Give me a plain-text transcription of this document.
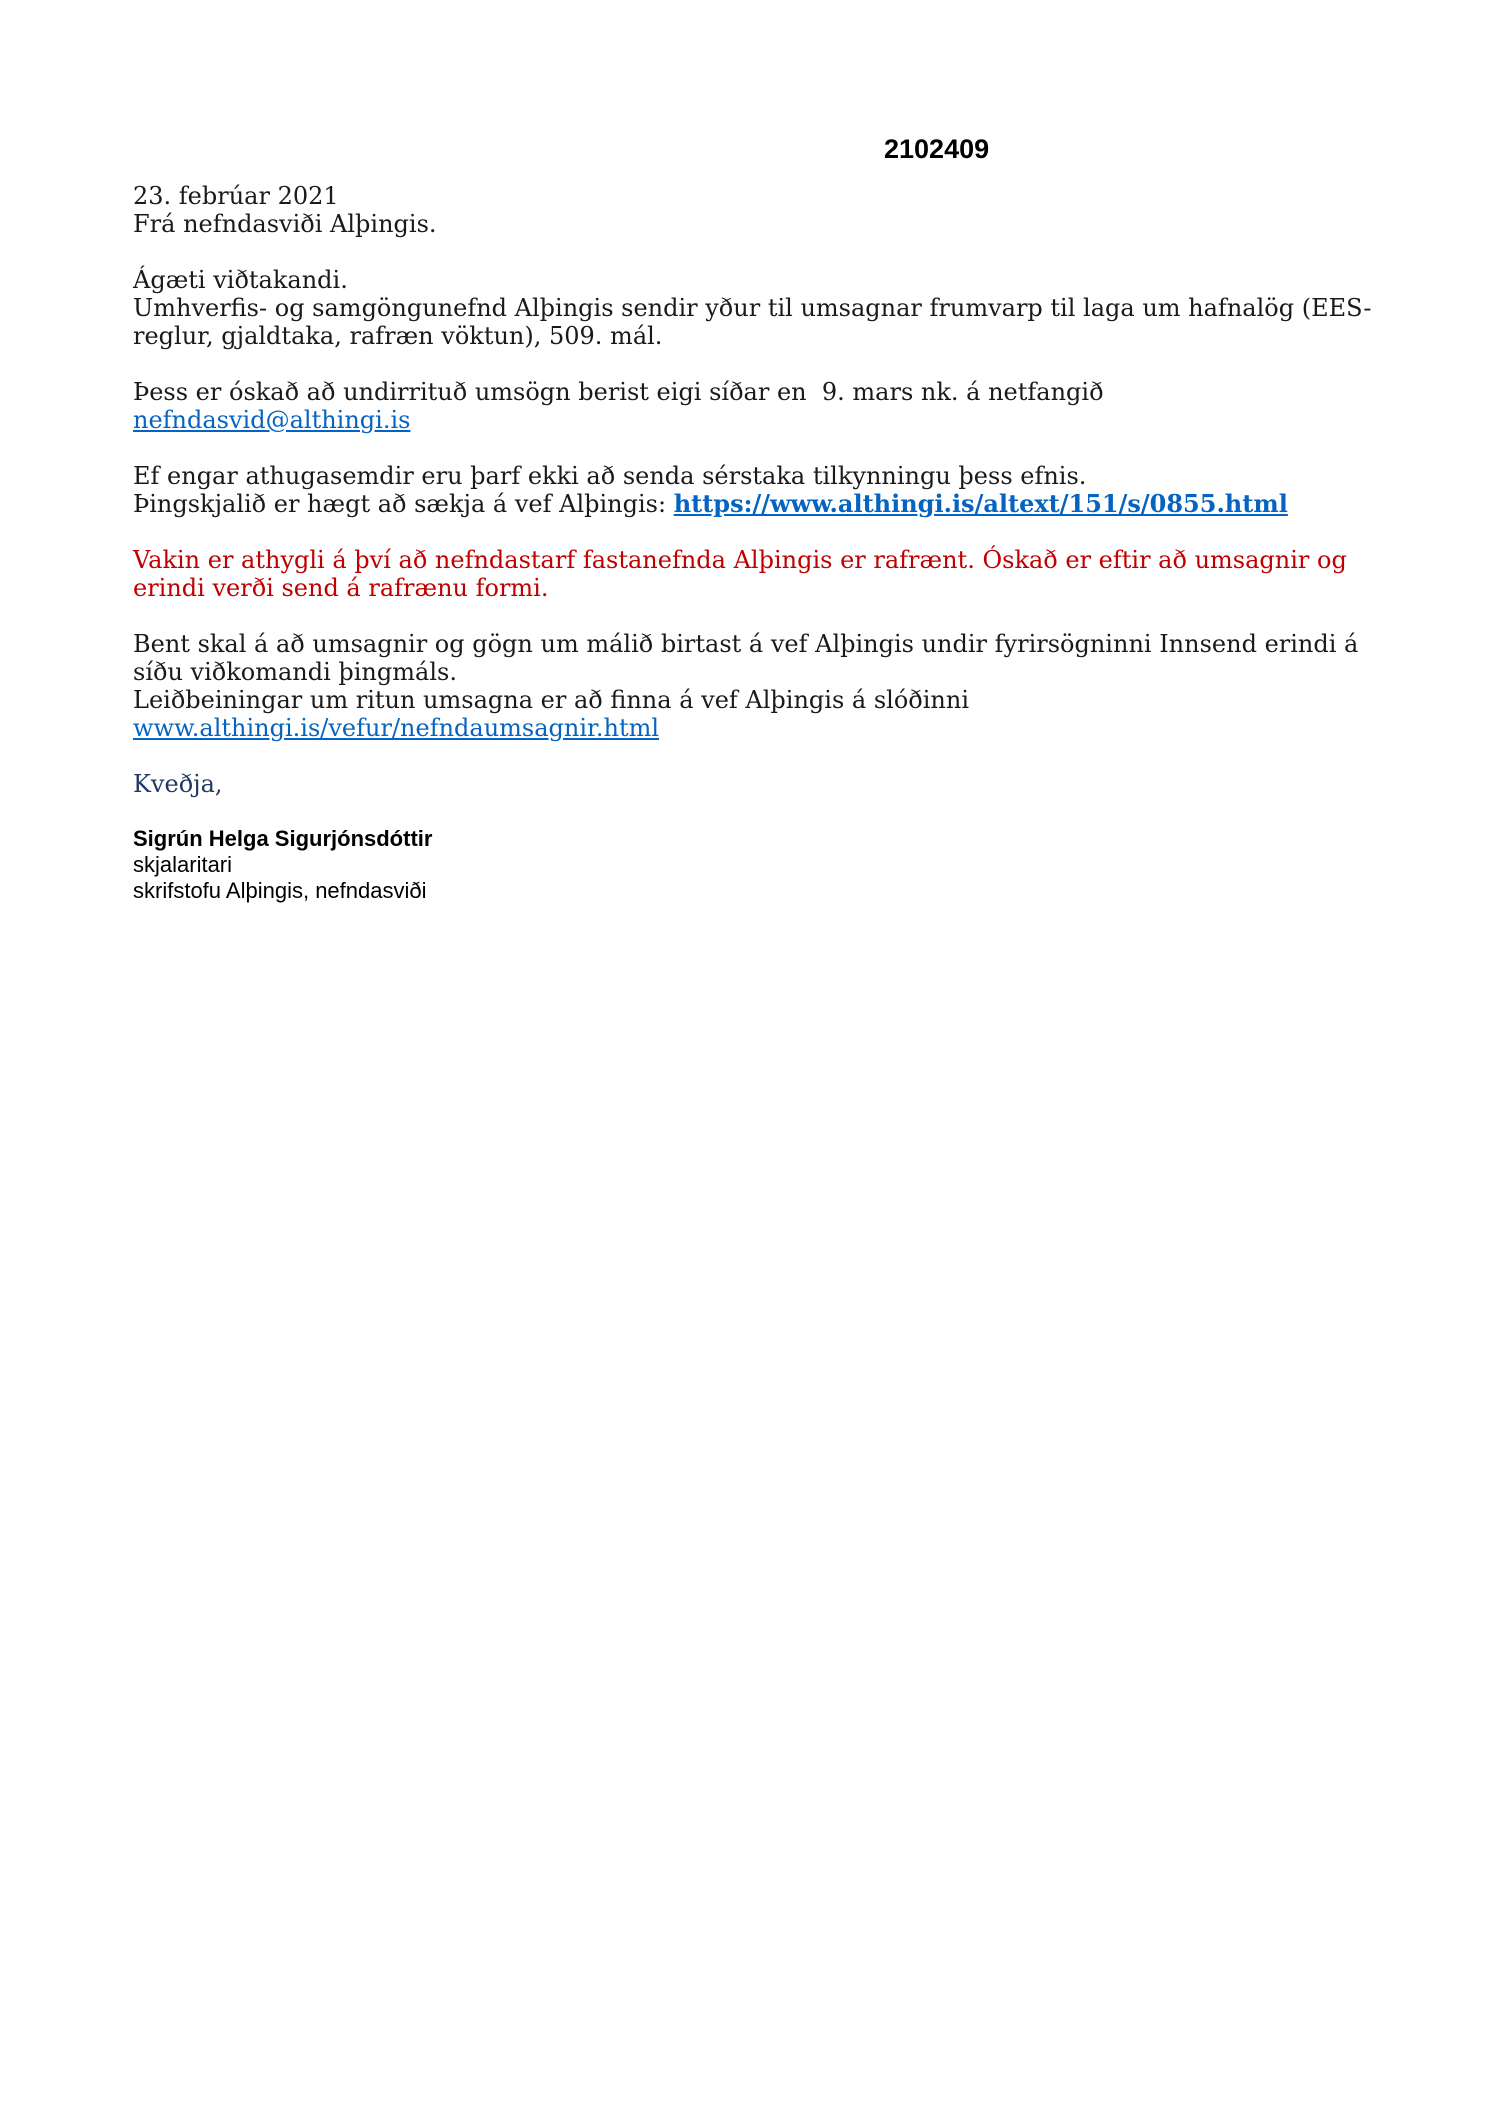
2102409

23. febrúar 2021
Frá nefndasviði Alþingis.

Ágæti viðtakandi.
Umhverfis- og samgöngunefnd Alþingis sendir yður til umsagnar frumvarp til laga um hafnalög (EES-reglur, gjaldtaka, rafræn vöktun), 509. mál.

Þess er óskað að undirrituð umsögn berist eigi síðar en  9. mars nk. á netfangið
nefndasvid@althingi.is

Ef engar athugasemdir eru þarf ekki að senda sérstaka tilkynningu þess efnis.
Þingskjalið er hægt að sækja á vef Alþingis: https://www.althingi.is/altext/151/s/0855.html

Vakin er athygli á því að nefndastarf fastanefnda Alþingis er rafrænt. Óskað er eftir að umsagnir og erindi verði send á rafrænu formi.

Bent skal á að umsagnir og gögn um málið birtast á vef Alþingis undir fyrirsögninni Innsend erindi á síðu viðkomandi þingmáls.
Leiðbeiningar um ritun umsagna er að finna á vef Alþingis á slóðinni
www.althingi.is/vefur/nefndaumsagnir.html

Kveðja,

Sigrún Helga Sigurjónsdóttir
skjalaritari
skrifstofu Alþingis, nefndasviði
